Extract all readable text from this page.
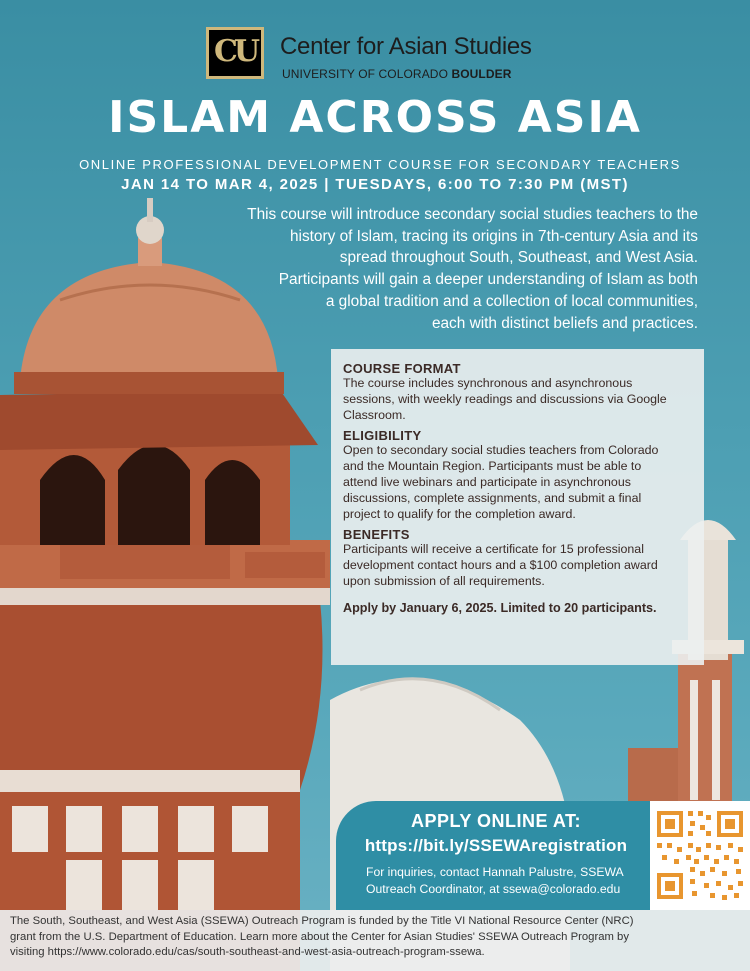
CU Center for Asian Studies
UNIVERSITY OF COLORADO BOULDER
ISLAM ACROSS ASIA
ONLINE PROFESSIONAL DEVELOPMENT COURSE FOR SECONDARY TEACHERS
JAN 14 TO MAR 4, 2025 | TUESDAYS, 6:00 TO 7:30 PM (MST)
This course will introduce secondary social studies teachers to the
history of Islam, tracing its origins in 7th-century Asia and its
spread throughout South, Southeast, and West Asia.
Participants will gain a deeper understanding of Islam as both
a global tradition and a collection of local communities,
each with distinct beliefs and practices.
COURSE FORMAT

The course includes synchronous and asynchronous
sessions, with weekly readings and discussions via Google
Classroom.

ELIGIBILITY

Open to secondary social studies teachers from Colorado
and the Mountain Region. Participants must be able to
attend live webinars and participate in asynchronous
discussions, complete assignments, and submit a final
project to qualify for the completion award.

BENEFITS

Participants will receive a certificate for 15 professional
development contact hours and a $100 completion award
upon submission of all requirements.

Apply by January 6, 2025. Limited to 20 participants.

APPLY ONLINE AT:
https://bit.ly/SSEWAregistration
For inquiries, contact Hannah Palustre, SSEWA
Outreach Coordinator, at ssewa@colorado.edu
The South, Southeast, and West Asia (SSEWA) Outreach Program is funded by the Title VI National Resource Center (NRC)
grant from the U.S. Department of Education. Learn more about the Center for Asian Studies' SSEWA Outreach Program by
visiting https://www.colorado.edu/cas/south-southeast-and-west-asia-outreach-program-ssewa.
